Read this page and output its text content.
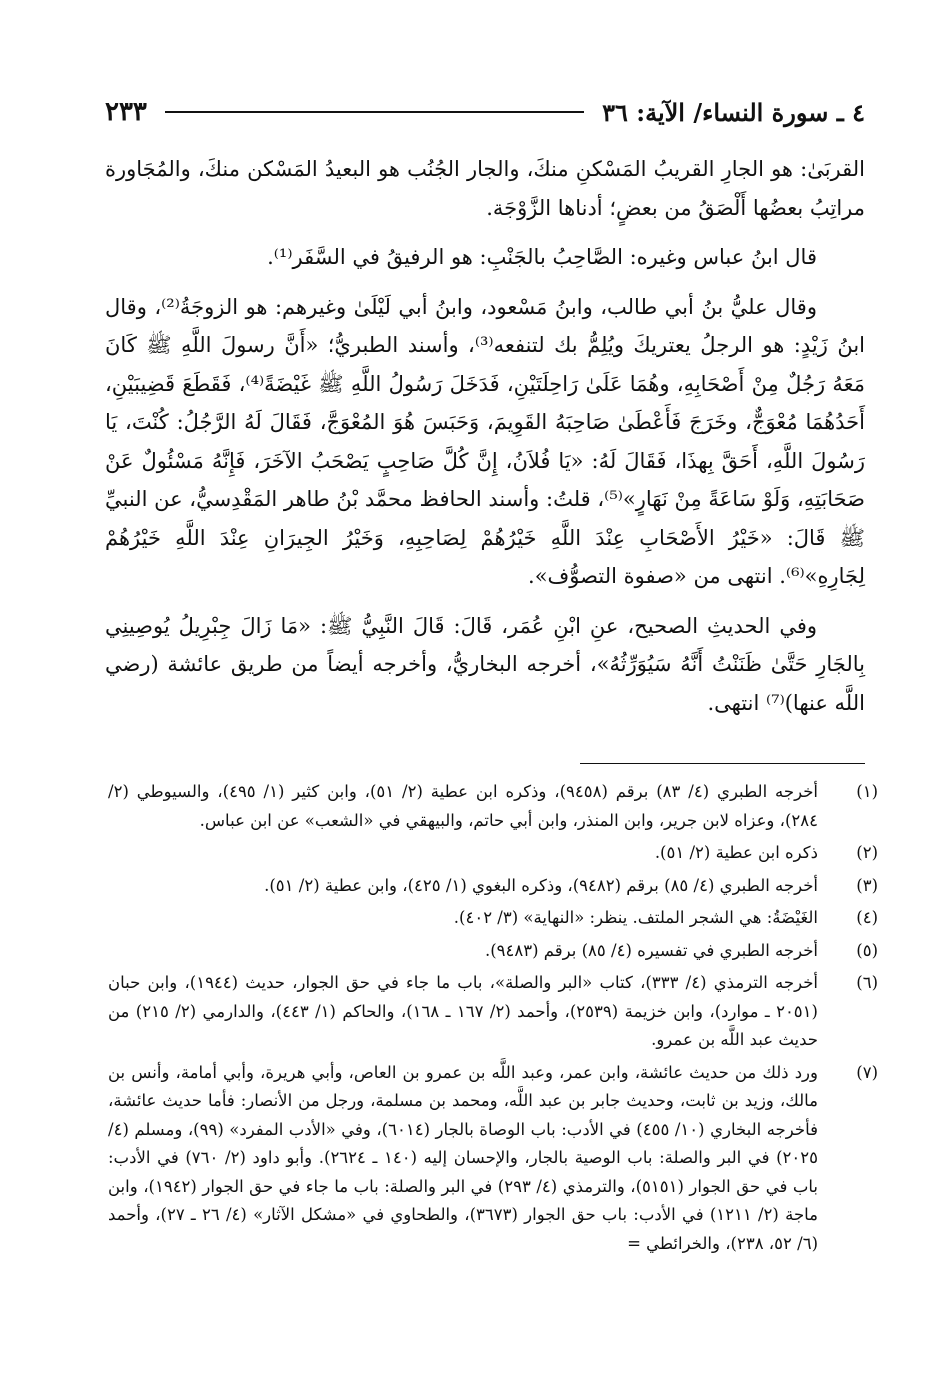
٤ ـ سورة النساء/ الآية: ٣٦
٢٣٣

القربَىٰ: هو الجارِ القريبُ المَسْكنِ منكَ، والجار الجُنُب هو البعيدُ المَسْكن منكَ، والمُجَاورة مراتِبُ بعضُها أَلْصَقُ من بعضٍ؛ أدناها الزَّوْجَة.

قال ابنُ عباس وغيره: الصَّاحِبُ بالجَنْبِ: هو الرفيقُ في السَّفَر⁽¹⁾.

وقال عليُّ بنُ أبي طالب، وابنُ مَسْعود، وابنُ أبي لَيْلَىٰ وغيرهم: هو الزوجَةُ⁽²⁾، وقال ابنُ زَيْدٍ: هو الرجلُ يعتريكَ ويُلِمُّ بك لتنفعه⁽³⁾، وأسند الطبريُّ؛ «أَنَّ رسولَ اللَّهِ ﷺ كَانَ مَعَهُ رَجُلٌ مِنْ أَصْحَابِهِ، وهُمَا عَلَىٰ رَاحِلَتَيْنِ، فَدَخَلَ رَسُولُ اللَّهِ ﷺ غَيْضَةً⁽⁴⁾، فَقَطَعَ قَضِيبَيْنِ، أَحَدُهُمَا مُعْوَجٌّ، وخَرَجَ فَأَعْطَىٰ صَاحِبَهُ القَوِيمَ، وَحَبَسَ هُوَ المُعْوَجَّ، فَقَالَ لَهُ الرَّجُلُ: كُنْتَ، يَا رَسُولَ اللَّهِ، أَحَقَّ بِهذَا، فَقَالَ لَهُ: «يَا فُلاَنُ، إِنَّ كُلَّ صَاحِبٍ يَصْحَبُ الآخَرَ، فَإِنَّهُ مَسْئُولٌ عَنْ صَحَابَتِهِ، وَلَوْ سَاعَةً مِنْ نَهَارٍ»⁽⁵⁾، قلتُ: وأسند الحافظ محمَّد بْنُ طاهر المَقْدِسيُّ، عن النبيِّ ﷺ قَالَ: «خَيْرُ الأَصْحَابِ عِنْدَ اللَّهِ خَيْرُهُمْ لِصَاحِبِهِ، وَخَيْرُ الجِيرَانِ عِنْدَ اللَّهِ خَيْرُهُمْ لِجَارِهِ»⁽⁶⁾. انتهى من «صفوة التصوُّف».

وفي الحديثِ الصحيح، عنِ ابْنِ عُمَر، قَالَ: قَالَ النَّبِيُّ ﷺ: «مَا زَالَ جِبْرِيلُ يُوصِينِي بِالجَارِ حَتَّىٰ ظَنَنْتُ أَنَّهُ سَيُوَرِّثُهُ»، أخرجه البخاريُّ، وأخرجه أيضاً من طريق عائشة (رضي اللَّه عنها)⁽⁷⁾ انتهى.

(١)
أخرجه الطبري (٤/ ٨٣) برقم (٩٤٥٨)، وذكره ابن عطية (٢/ ٥١)، وابن كثير (١/ ٤٩٥)، والسيوطي (٢/ ٢٨٤)، وعزاه لابن جرير، وابن المنذر، وابن أبي حاتم، والبيهقي في «الشعب» عن ابن عباس.
(٢)
ذكره ابن عطية (٢/ ٥١).
(٣)
أخرجه الطبري (٤/ ٨٥) برقم (٩٤٨٢)، وذكره البغوي (١/ ٤٢٥)، وابن عطية (٢/ ٥١).
(٤)
الغَيْضَةُ: هي الشجر الملتف. ينظر: «النهاية» (٣/ ٤٠٢).
(٥)
أخرجه الطبري في تفسيره (٤/ ٨٥) برقم (٩٤٨٣).
(٦)
أخرجه الترمذي (٤/ ٣٣٣)، كتاب «البر والصلة»، باب ما جاء في حق الجوار، حديث (١٩٤٤)، وابن حبان (٢٠٥١ ـ موارد)، وابن خزيمة (٢٥٣٩)، وأحمد (٢/ ١٦٧ ـ ١٦٨)، والحاكم (١/ ٤٤٣)، والدارمي (٢/ ٢١٥) من حديث عبد اللَّه بن عمرو.
(٧)
ورد ذلك من حديث عائشة، وابن عمر، وعبد اللَّه بن عمرو بن العاص، وأبي هريرة، وأبي أمامة، وأنس بن مالك، وزيد بن ثابت، وحديث جابر بن عبد اللَّه، ومحمد بن مسلمة، ورجل من الأنصار: فأما حديث عائشة، فأخرجه البخاري (١٠/ ٤٥٥) في الأدب: باب الوصاة بالجار (٦٠١٤)، وفي «الأدب المفرد» (٩٩)، ومسلم (٤/ ٢٠٢٥) في البر والصلة: باب الوصية بالجار، والإحسان إليه (١٤٠ ـ ٢٦٢٤). وأبو داود (٢/ ٧٦٠) في الأدب: باب في حق الجوار (٥١٥١)، والترمذي (٤/ ٢٩٣) في البر والصلة: باب ما جاء في حق الجوار (١٩٤٢)، وابن ماجة (٢/ ١٢١١) في الأدب: باب حق الجوار (٣٦٧٣)، والطحاوي في «مشكل الآثار» (٤/ ٢٦ ـ ٢٧)، وأحمد (٦/ ٥٢، ٢٣٨)، والخرائطي =
